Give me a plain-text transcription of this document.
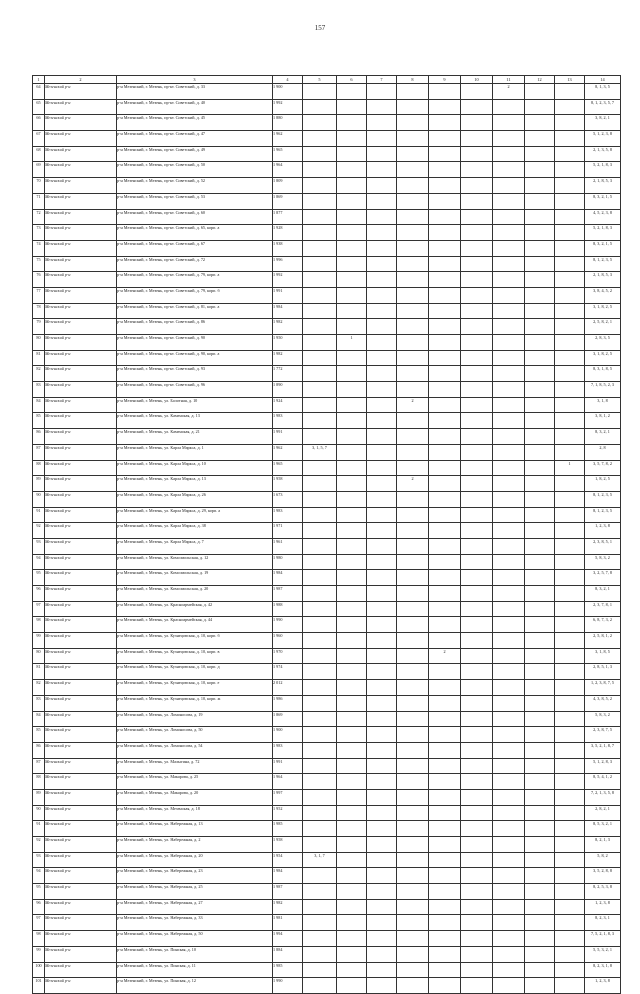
157
1	2	3	4	5	6	7	8	9	10	11	12	13	14
64	Мезенский р-н	р-н Мезенский, г. Мезень, пр-кт. Советский, д. 33	1 900							2			8, 1, 3, 5
65	Мезенский р-н	р-н Мезенский, г. Мезень, пр-кт. Советский, д. 40	1 992										8, 1, 2, 3, 5, 7
66	Мезенский р-н	р-н Мезенский, г. Мезень, пр-кт. Советский, д. 45	1 880										3, 8, 2, 1
67	Мезенский р-н	р-н Мезенский, г. Мезень, пр-кт. Советский, д. 47	1 962										5, 1, 2, 3, 8
68	Мезенский р-н	р-н Мезенский, г. Мезень, пр-кт. Советский, д. 49	1 965										2, 1, 3, 5, 8
69	Мезенский р-н	р-н Мезенский, г. Мезень, пр-кт. Советский, д. 50	1 964										5, 2, 1, 8, 3
70	Мезенский р-н	р-н Мезенский, г. Мезень, пр-кт. Советский, д. 52	1 809										2, 1, 8, 5, 3
71	Мезенский р-н	р-н Мезенский, г. Мезень, пр-кт. Советский, д. 53	1 869										8, 3, 2, 1, 5
72	Мезенский р-н	р-н Мезенский, г. Мезень, пр-кт. Советский, д. 60	1 877										4, 5, 2, 3, 8
73	Мезенский р-н	р-н Мезенский, г. Мезень, пр-кт. Советский, д. 65, корп. а	1 928										5, 2, 1, 8, 3
74	Мезенский р-н	р-н Мезенский, г. Мезень, пр-кт. Советский, д. 67	1 938										8, 3, 2, 1, 5
75	Мезенский р-н	р-н Мезенский, г. Мезень, пр-кт. Советский, д. 72	1 996										8, 1, 2, 3, 5
76	Мезенский р-н	р-н Мезенский, г. Мезень, пр-кт. Советский, д. 79, корп. а	1 992										2, 1, 8, 5, 3
77	Мезенский р-н	р-н Мезенский, г. Мезень, пр-кт. Советский, д. 79, корп. б	1 991										3, 8, 4, 5, 2
78	Мезенский р-н	р-н Мезенский, г. Мезень, пр-кт. Советский, д. 81, корп. а	1 984										3, 1, 8, 2, 5
79	Мезенский р-н	р-н Мезенский, г. Мезень, пр-кт. Советский, д. 86	1 982										2, 5, 8, 2, 1
80	Мезенский р-н	р-н Мезенский, г. Мезень, пр-кт. Советский, д. 90	1 950		1								2, 8, 3, 5
81	Мезенский р-н	р-н Мезенский, г. Мезень, пр-кт. Советский, д. 90, корп. а	1 982										3, 1, 8, 2, 5
82	Мезенский р-н	р-н Мезенский, г. Мезень, пр-кт. Советский, д. 93	1 772										8, 3, 1, 8, 5
83	Мезенский р-н	р-н Мезенский, г. Мезень, пр-кт. Советский, д. 96	1 890										7, 1, 8, 5, 2, 3
84	Мезенский р-н	р-н Мезенский, г. Мезень, ул. Болотная, д. 10	1 924				2						3, 1, 8
85	Мезенский р-н	р-н Мезенский, г. Мезень, ул. Каменская, д. 13	1 983										3, 8, 1, 2
86	Мезенский р-н	р-н Мезенский, г. Мезень, ул. Каменская, д. 21	1 991										8, 3, 2, 1
87	Мезенский р-н	р-н Мезенский, г. Мезень, ул. Карла Маркса, д. 1	1 962	3, 1, 5, 7									2, 8
88	Мезенский р-н	р-н Мезенский, г. Мезень, ул. Карла Маркса, д. 10	1 965									1	3, 5, 7, 8, 2
89	Мезенский р-н	р-н Мезенский, г. Мезень, ул. Карла Маркса, д. 13	1 958				2						1, 8, 2, 5
90	Мезенский р-н	р-н Мезенский, г. Мезень, ул. Карла Маркса, д. 26	1 673										8, 1, 2, 3, 5
91	Мезенский р-н	р-н Мезенский, г. Мезень, ул. Карла Маркса, д. 29, корп. а	1 983										8, 1, 2, 3, 5
92	Мезенский р-н	р-н Мезенский, г. Мезень, ул. Карла Маркса, д. 38	1 971										1, 2, 3, 8
93	Мезенский р-н	р-н Мезенский, г. Мезень, ул. Карла Маркса, д. 7	1 961										2, 3, 8, 5, 1
94	Мезенский р-н	р-н Мезенский, г. Мезень, ул. Комсомольская, д. 12	1 980										5, 8, 3, 2
95	Мезенский р-н	р-н Мезенский, г. Мезень, ул. Комсомольская, д. 19	1 984										3, 2, 5, 7, 8
96	Мезенский р-н	р-н Мезенский, г. Мезень, ул. Комсомольская, д. 20	1 987										8, 3, 2, 1
97	Мезенский р-н	р-н Мезенский, г. Мезень, ул. Красноармейская, д. 42	1 988										2, 3, 7, 8, 1
98	Мезенский р-н	р-н Мезенский, г. Мезень, ул. Красноармейская, д. 44	1 990										6, 8, 7, 3, 2
99	Мезенский р-н	р-н Мезенский, г. Мезень, ул. Кузнецовская, д. 10, корп. б	1 960										2, 5, 8, 1, 2
80	Мезенский р-н	р-н Мезенский, г. Мезень, ул. Кузнецовская, д. 10, корп. в	1 970					2					3, 1, 8, 5
81	Мезенский р-н	р-н Мезенский, г. Мезень, ул. Кузнецовская, д. 10, корп. д	1 974										2, 8, 5, 1, 3
82	Мезенский р-н	р-н Мезенский, г. Мезень, ул. Кузнецовская, д. 10, корп. е	2 012										1, 2, 3, 8, 7, 5
83	Мезенский р-н	р-н Мезенский, г. Мезень, ул. Кузнецовская, д. 10, корп. ж	1 986										4, 3, 8, 5, 2
84	Мезенский р-н	р-н Мезенский, г. Мезень, ул. Ломоносова, д. 19	1 869										5, 8, 3, 2
85	Мезенский р-н	р-н Мезенский, г. Мезень, ул. Ломоносова, д. 50	1 900										2, 3, 8, 7, 5
86	Мезенский р-н	р-н Мезенский, г. Мезень, ул. Ломоносова, д. 54	1 983										3, 5, 2, 1, 8, 7
87	Мезенский р-н	р-н Мезенский, г. Мезень, ул. Малыгина, д. 72	1 991										5, 1, 2, 8, 3
88	Мезенский р-н	р-н Мезенский, г. Мезень, ул. Макарова, д. 25	1 964										8, 5, 4, 1, 2
89	Мезенский р-н	р-н Мезенский, г. Мезень, ул. Макарова, д. 20	1 997										7, 2, 1, 3, 5, 8
90	Мезенский р-н	р-н Мезенский, г. Мезень, ул. Мезенская, д. 18	1 952										2, 8, 2, 1
91	Мезенский р-н	р-н Мезенский, г. Мезень, ул. Набережная, д. 13	1 985										8, 5, 3, 2, 1
92	Мезенский р-н	р-н Мезенский, г. Мезень, ул. Набережная, д. 2	1 958										8, 2, 1, 3
93	Мезенский р-н	р-н Мезенский, г. Мезень, ул. Набережная, д. 20	1 954	3, 1, 7									5, 8, 2
94	Мезенский р-н	р-н Мезенский, г. Мезень, ул. Набережная, д. 23	1 984										3, 5, 2, 8, 8
95	Мезенский р-н	р-н Мезенский, г. Мезень, ул. Набережная, д. 25	1 987										8, 2, 5, 3, 8
96	Мезенский р-н	р-н Мезенский, г. Мезень, ул. Набережная, д. 27	1 982										1, 2, 3, 8
97	Мезенский р-н	р-н Мезенский, г. Мезень, ул. Набережная, д. 33	1 981										8, 2, 3, 1
98	Мезенский р-н	р-н Мезенский, г. Мезень, ул. Набережная, д. 50	1 994										7, 5, 2, 1, 8, 3
99	Мезенский р-н	р-н Мезенский, г. Мезень, ул. Пинская, д. 10	1 884										5, 5, 3, 2, 1
100	Мезенский р-н	р-н Мезенский, г. Мезень, ул. Пинская, д. 11	1 985										8, 2, 3, 1, 8
101	Мезенский р-н	р-н Мезенский, г. Мезень, ул. Пинская, д. 12	1 990										1, 2, 3, 8
